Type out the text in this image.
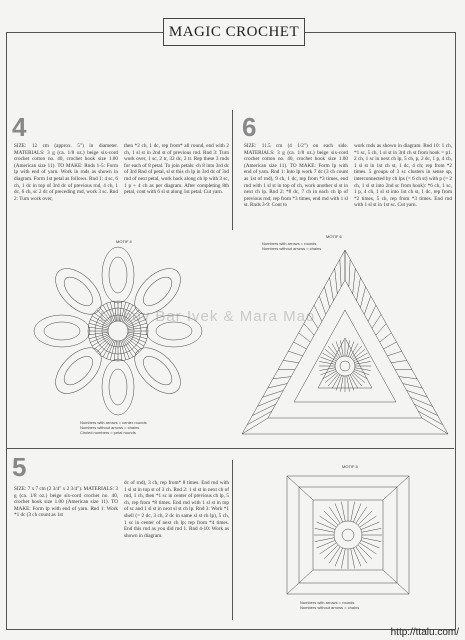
MAGIC CROCHET
4
SIZE: 12 cm (approx. 5") in diameter. MATERIALS: 3 g (ca. 1/8 oz.) beige six-cord crochet cotton no. 40, crochet hook size 1.00 (American size 11). TO MAKE: Rnds 1-5: Form lp with end of yarn. Work in rnds as shown in diagram. Form 1st petal as follows. Rnd 1: 4 sc, 6 ch, 1 dc in top of 3rd dc of previous rnd, 4 ch, 1 dc, 6 ch, sc 2 dc of preceding rnd, work 3 sc. Rnd 2: Turn work over,
then *2 ch, 1 dc, rep from* all round, end with 2 ch, 1 sl st in 2nd st of previous rnd. Rnd 3: Turn work over, 1 sc, 2 tr, 32 dc, 2 tr. Rep these 3 rnds for each of 8 petal. To join petals: ch 8 into 3rd dc of 3rd Rnd of petal, sl st this ch lp in 3rd dc of 3rd rnd of next petal, work back along ch lp with 3 sc, 1 p + 4 ch as per diagram. After completing 8th petal, cont with 6 sl st along 1st petal. Cut yarn.
6
SIZE: 11.5 cm (4 1/2") on each side. MATERIALS: 3 g (ca. 1/8 oz.) beige six-cord crochet cotton no. 40, crochet hook size 1.00 (American size 11). TO MAKE: Form lp with end of yarn. Rnd 1: Into lp work 7 dc (3 ch count as 1st of rnd), 9 ch, 1 dc, rep from *3 times, end rnd with 1 sl st in top of ch, work another sl st in next ch lp. Rnd 2: *8 dc, 7 ch in each ch lp of previous rnd; rep from *3 times, end rnd with 1 sl st. Rnds 3-9: Cont to
work rnds as shown in diagram. Rnd 10: 1 ch, *1 sc, 5 ch, 1 sl st in 3rd ch st from hook = p1. 2 ch, 1 sc in next ch lp, 5 ch, p, 2 dc, 1 p, 4 ch, 1 sl st in 1st ch st, 1 dc, 4 ch; rep from *2 times. 5 groups of 3 sc clusters in sense sp, interconnected by ch lps (= 6 ch st) with p (= 2 ch, 1 sl st into 2nd sc from hook): *6 ch, 1 sc, 1 p, 4 ch, 1 sl st into 1st ch st, 1 dc, rep from *2 times, 5 ch, rep from *3 times. End rnd with 1 sl st in 1st sc. Cut yarn.
MOTIF 4
Numbers with arrows = center rounds
Numbers without arrows = chains
Circled numbers = petal rounds
MOTIF 6
Numbers with arrows = rounds
Numbers without arrows = chains
5
SIZE: 7 x 7 cm (2 3/4" x 2 3/4"). MATERIALS: 3 g (ca. 1/8 oz.) beige six-cord crochet no. 40, crochet hook size 1.00 (American size 11). TO MAKE: Form lp with end of yarn. Rnd 1: Work *1 dc (3 ch count as 1st
dc of rnd), 3 ch, rep from* 8 times. End rnd with 1 sl st in top st of 3 ch. Rnd 2: 1 sl st in next ch of rnd, 1 ch, then *1 sc in center of previous ch lp, 5 ch, rep from *8 times. End rnd with 1 sl st in top of sc and 1 sl st in next sl st ch lp. Rnd 3: Work *1 shell (= 2 dc, 3 ch, 2 dc in same sl st ch lp), 5 ch, 1 sc in center of next ch lp; rep from *4 times. End this rnd as you did rnd 1. Rnd 4-10: Work as shown in diagram.
MOTIF 5
Numbers with arrows = rounds
Numbers without arrows = chains
Ljubov Bar Ivek & Mara Mao
http://ttalu.com/
